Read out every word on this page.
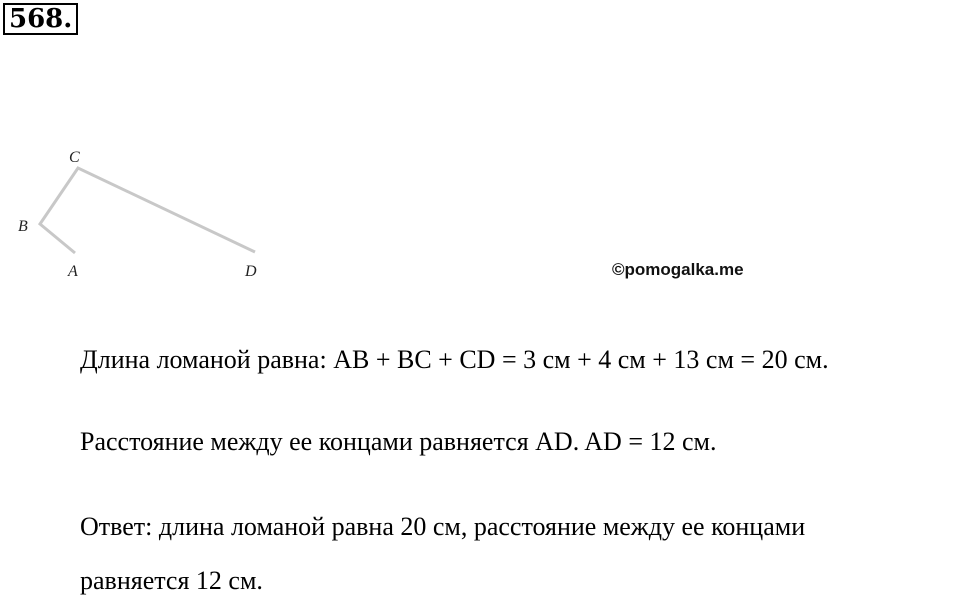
568.
C
B
A	D	©pomogalka.me
Длина ломаной равна: AB + BC + CD = 3 см + 4 см + 13 см = 20 см.
Расстояние между ее концами равняется AD. AD = 12 см.
Ответ: длина ломаной равна 20 см, расстояние между ее концами
равняется 12 см.
